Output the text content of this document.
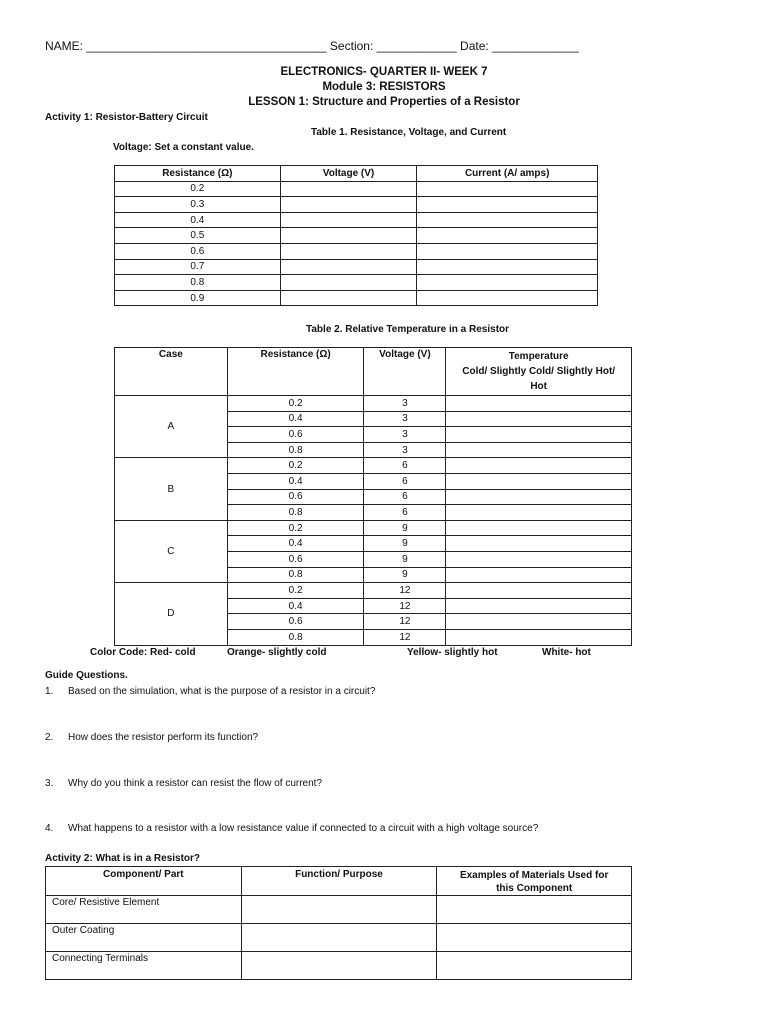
NAME: ____________________________________ Section: ____________ Date: _____________
ELECTRONICS- QUARTER II- WEEK 7
Module 3: RESISTORS
LESSON 1: Structure and Properties of a Resistor
Activity 1: Resistor-Battery Circuit
Table 1. Resistance, Voltage, and Current
Voltage: Set a constant value.
Resistance (Ω)	Voltage (V)	Current (A/ amps)
0.2		
0.3		
0.4		
0.5		
0.6		
0.7		
0.8		
0.9		
Table 2. Relative Temperature in a Resistor
Case	Resistance (Ω)	Voltage (V)	Temperature
Cold/ Slightly Cold/ Slightly Hot/
Hot

A	0.2	3	
	0.4	3	
	0.6	3	
	0.8	3	
B	0.2	6	
	0.4	6	
	0.6	6	
	0.8	6	
C	0.2	9	
	0.4	9	
	0.6	9	
	0.8	9	
D	0.2	12	
	0.4	12	
	0.6	12	
	0.8	12	
Color Code: Red- cold	Orange- slightly cold	Yellow- slightly hot	White- hot
Guide Questions.
1. Based on the simulation, what is the purpose of a resistor in a circuit?
2. How does the resistor perform its function?
3. Why do you think a resistor can resist the flow of current?
4. What happens to a resistor with a low resistance value if connected to a circuit with a high voltage source?
Activity 2: What is in a Resistor?
Component/ Part	Function/ Purpose	Examples of Materials Used for
this Component

Core/ Resistive Element		
Outer Coating		
Connecting Terminals		
